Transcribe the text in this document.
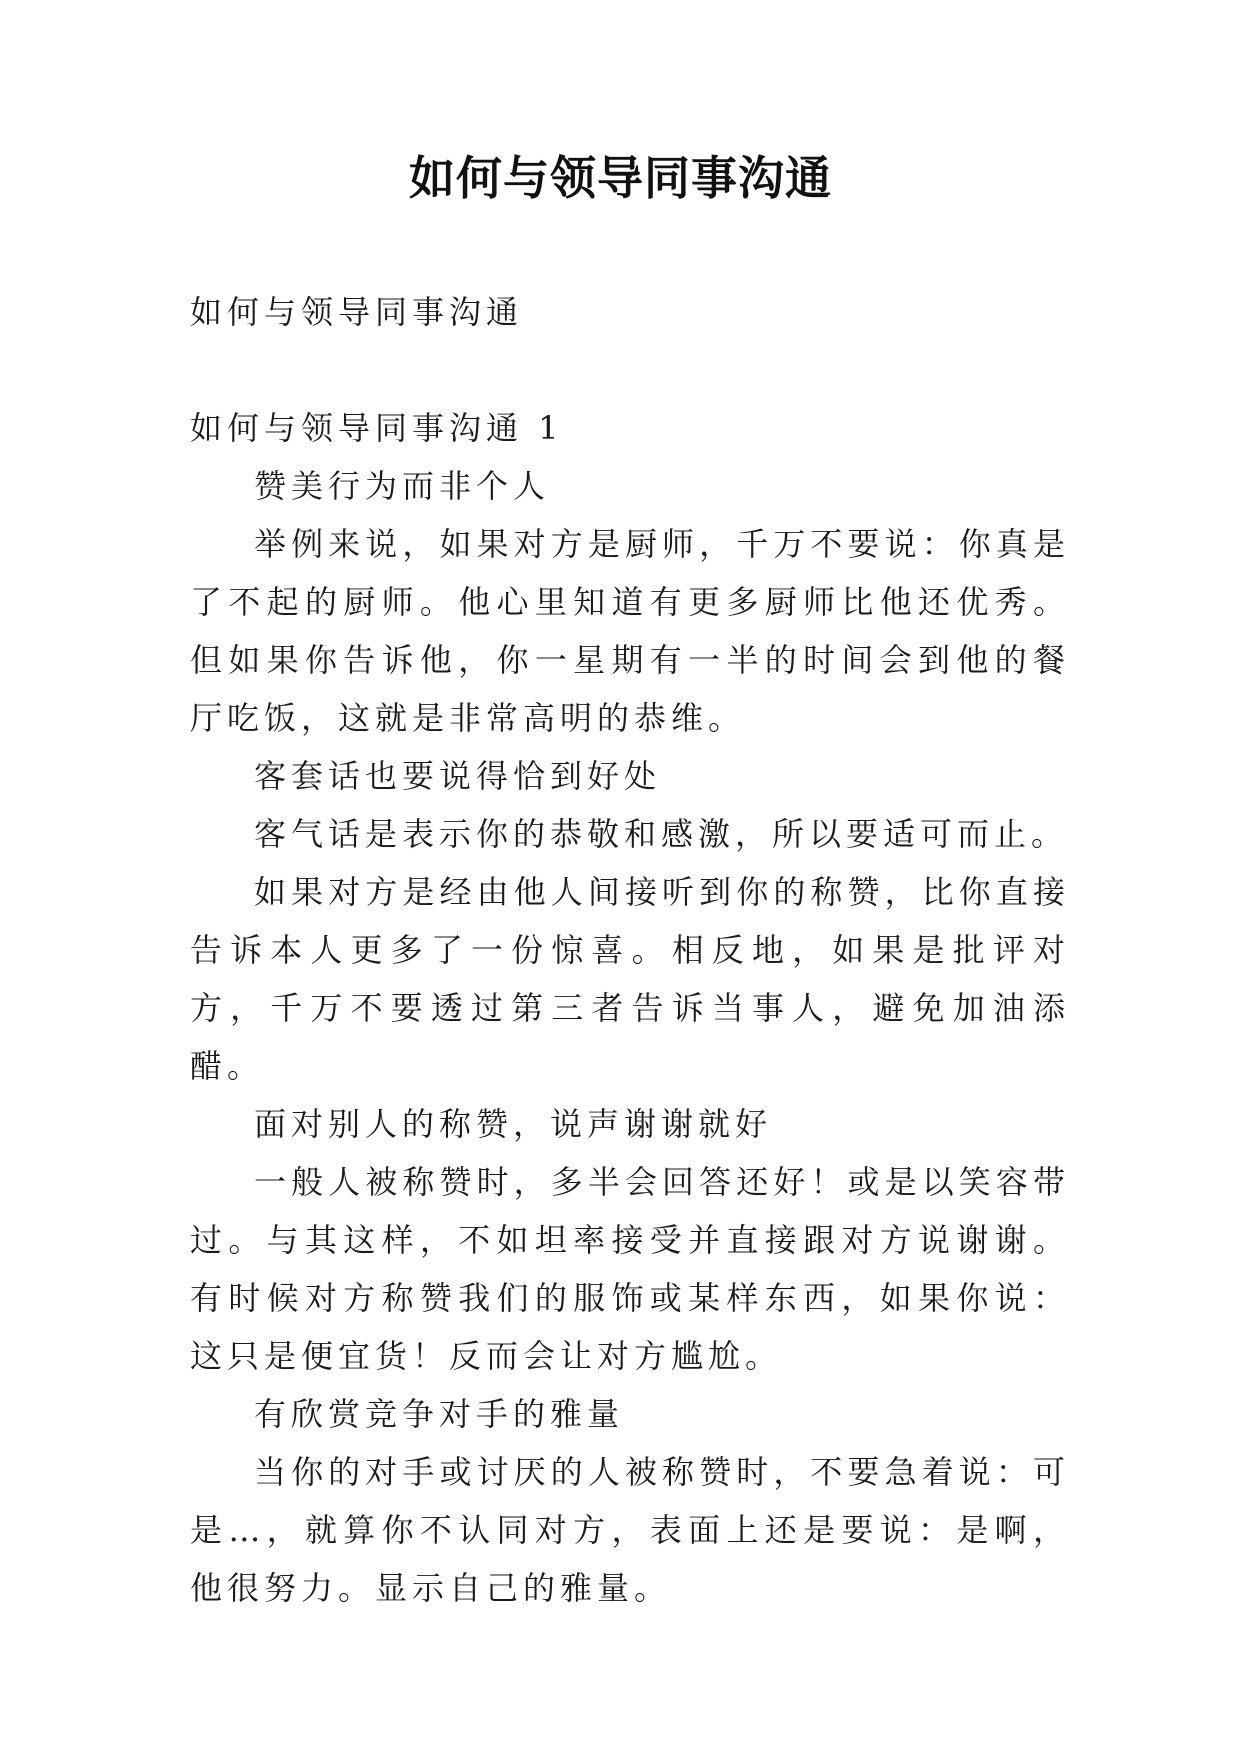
如何与领导同事沟通

如何与领导同事沟通

如何与领导同事沟通 1

赞美行为而非个人

举例来说，如果对方是厨师，千万不要说：你真是了不起的厨师。他心里知道有更多厨师比他还优秀。但如果你告诉他，你一星期有一半的时间会到他的餐厅吃饭，这就是非常高明的恭维。

客套话也要说得恰到好处

客气话是表示你的恭敬和感激，所以要适可而止。

如果对方是经由他人间接听到你的称赞，比你直接告诉本人更多了一份惊喜。相反地，如果是批评对方，千万不要透过第三者告诉当事人，避免加油添醋。

面对别人的称赞，说声谢谢就好

一般人被称赞时，多半会回答还好！或是以笑容带过。与其这样，不如坦率接受并直接跟对方说谢谢。有时候对方称赞我们的服饰或某样东西，如果你说：这只是便宜货！反而会让对方尴尬。

有欣赏竞争对手的雅量

当你的对手或讨厌的人被称赞时，不要急着说：可是…，就算你不认同对方，表面上还是要说：是啊，他很努力。显示自己的雅量。
